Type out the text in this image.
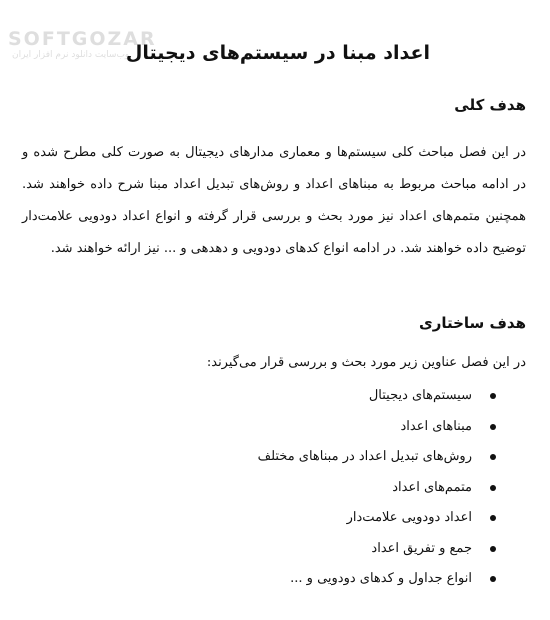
SOFTGOZAR
وب‌سایت دانلود نرم افزار ایران
اعداد مبنا در سیستم‌های دیجیتال
هدف کلی

در این فصل مباحث کلی سیستم‌ها و معماری مدارهای دیجیتال به صورت کلی مطرح شده و در ادامه مباحث مربوط به مبناهای اعداد و روش‌های تبدیل اعداد مبنا شرح داده خواهند شد. همچنین متمم‌های اعداد نیز مورد بحث و بررسی قرار گرفته و انواع اعداد دودویی علامت‌دار توضیح داده خواهند شد. در ادامه انواع کدهای دودویی و دهدهی و ... نیز ارائه خواهند شد.

هدف ساختاری

در این فصل عناوین زیر مورد بحث و بررسی قرار می‌گیرند:

سیستم‌های دیجیتال
مبناهای اعداد
روش‌های تبدیل اعداد در مبناهای مختلف
متمم‌های اعداد
اعداد دودویی علامت‌دار
جمع و تفریق اعداد
انواع جداول و کدهای دودویی و ...
